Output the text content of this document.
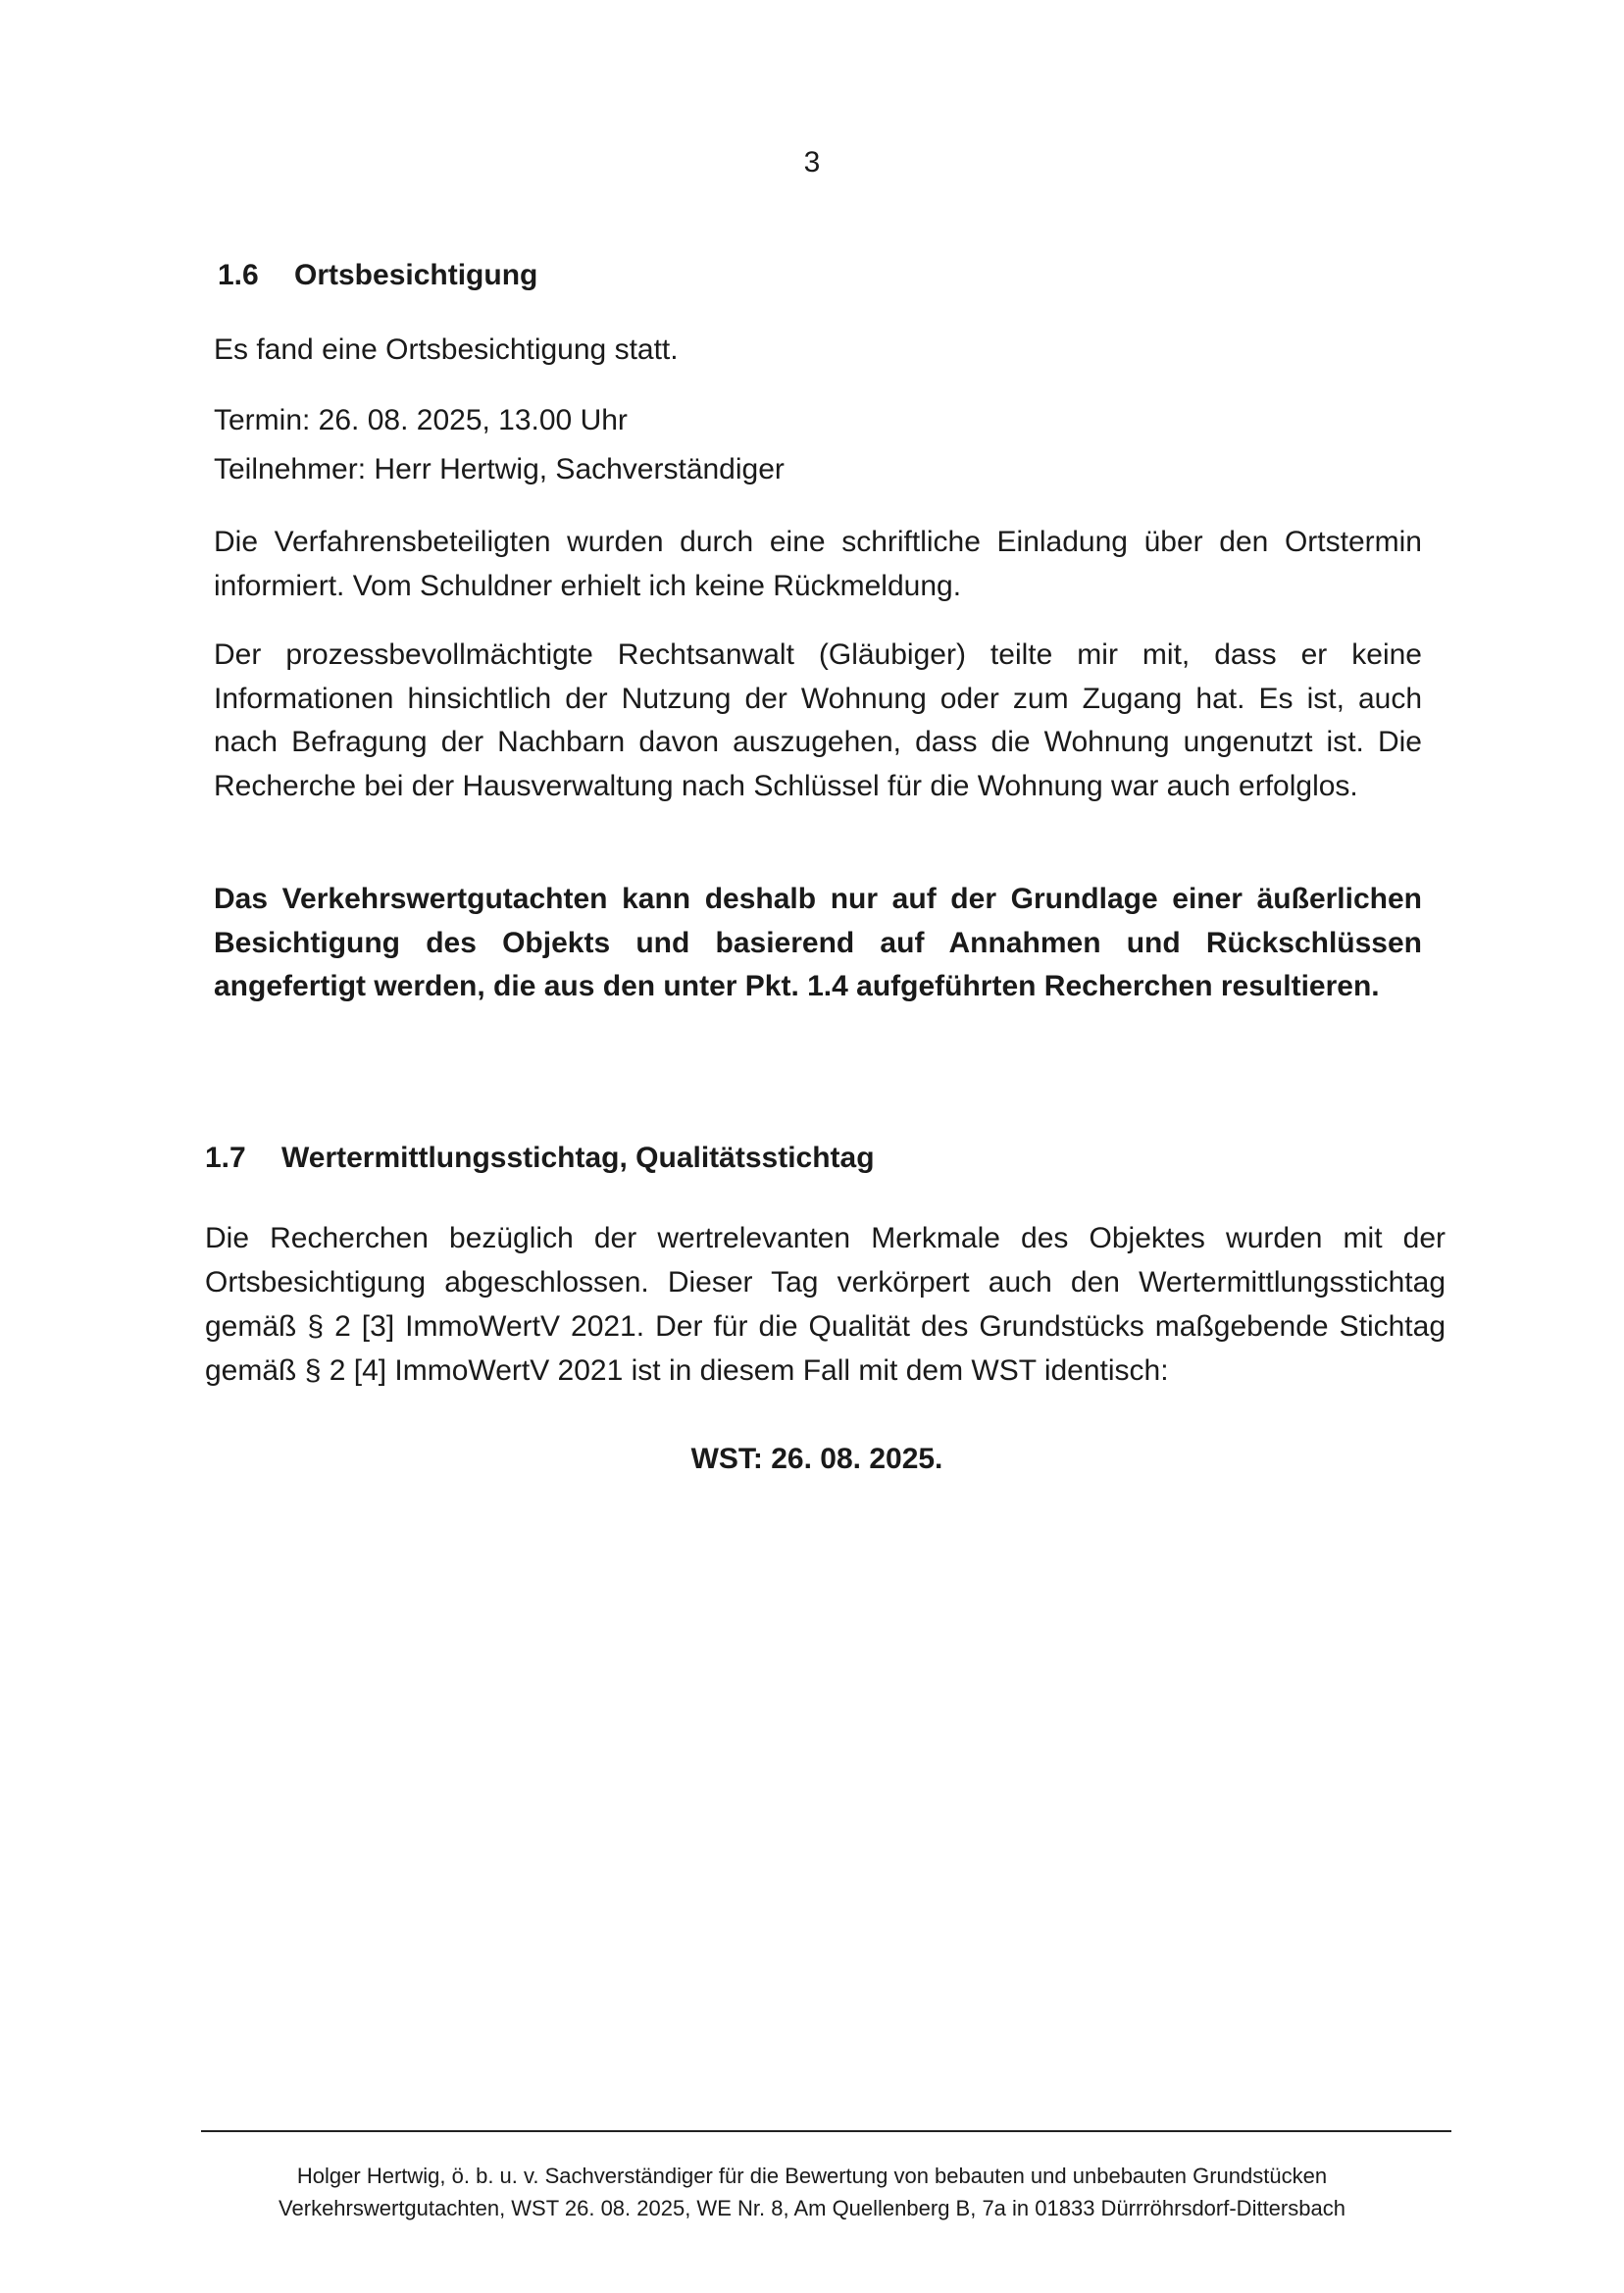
3
1.6 Ortsbesichtigung

Es fand eine Ortsbesichtigung statt.

Termin: 26. 08. 2025, 13.00 Uhr

Teilnehmer: Herr Hertwig, Sachverständiger

Die Verfahrensbeteiligten wurden durch eine schriftliche Einladung über den Ortstermin informiert. Vom Schuldner erhielt ich keine Rückmeldung.

Der prozessbevollmächtigte Rechtsanwalt (Gläubiger) teilte mir mit, dass er keine Informationen hinsichtlich der Nutzung der Wohnung oder zum Zugang hat. Es ist, auch nach Befragung der Nachbarn davon auszugehen, dass die Wohnung ungenutzt ist. Die Recherche bei der Hausverwaltung nach Schlüssel für die Wohnung war auch erfolglos.

Das Verkehrswertgutachten kann deshalb nur auf der Grundlage einer äußerlichen Besichtigung des Objekts und basierend auf Annahmen und Rückschlüssen angefertigt werden, die aus den unter Pkt. 1.4 aufgeführten Recherchen resultieren.

1.7 Wertermittlungsstichtag, Qualitätsstichtag

Die Recherchen bezüglich der wertrelevanten Merkmale des Objektes wurden mit der Ortsbesichtigung abgeschlossen. Dieser Tag verkörpert auch den Wertermittlungsstichtag gemäß § 2 [3] ImmoWertV 2021. Der für die Qualität des Grundstücks maßgebende Stichtag gemäß § 2 [4] ImmoWertV 2021 ist in diesem Fall mit dem WST identisch:

WST: 26. 08. 2025.
Holger Hertwig, ö. b. u. v. Sachverständiger für die Bewertung von bebauten und unbebauten Grundstücken
Verkehrswertgutachten, WST 26. 08. 2025, WE Nr. 8, Am Quellenberg B, 7a in 01833 Dürrröhrsdorf-Dittersbach
